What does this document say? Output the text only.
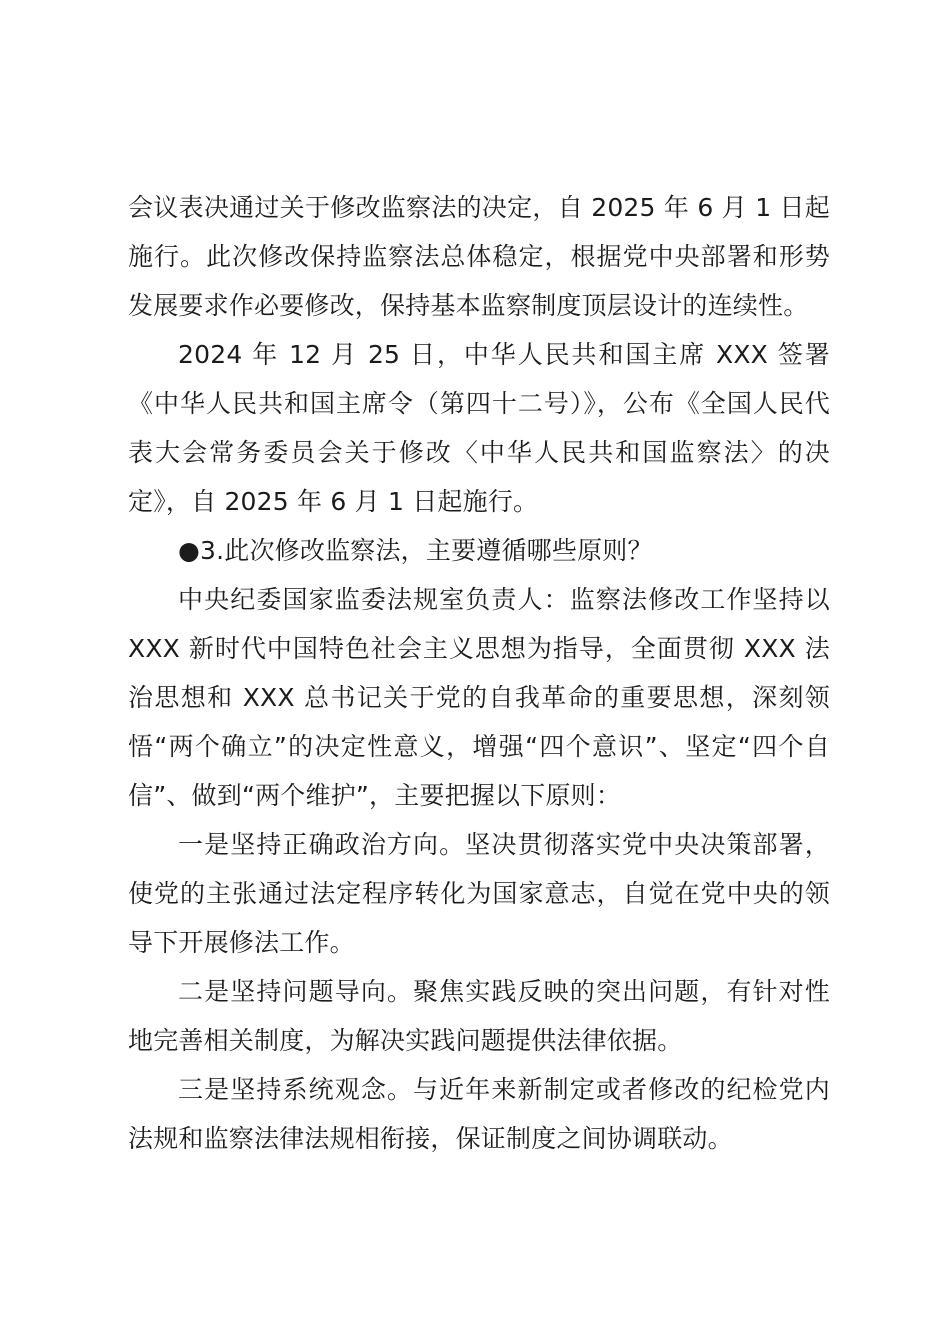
会议表决通过关于修改监察法的决定，自 2025 年 6 月 1 日起施行。此次修改保持监察法总体稳定，根据党中央部署和形势发展要求作必要修改，保持基本监察制度顶层设计的连续性。

2024 年 12 月 25 日，中华人民共和国主席 XXX 签署《中华人民共和国主席令（第四十二号）》，公布《全国人民代表大会常务委员会关于修改〈中华人民共和国监察法〉的决定》，自 2025 年 6 月 1 日起施行。

●3.此次修改监察法，主要遵循哪些原则？

中央纪委国家监委法规室负责人：监察法修改工作坚持以 XXX 新时代中国特色社会主义思想为指导，全面贯彻 XXX 法治思想和 XXX 总书记关于党的自我革命的重要思想，深刻领悟“两个确立”的决定性意义，增强“四个意识”、坚定“四个自信”、做到“两个维护”，主要把握以下原则：

一是坚持正确政治方向。坚决贯彻落实党中央决策部署，使党的主张通过法定程序转化为国家意志，自觉在党中央的领导下开展修法工作。

二是坚持问题导向。聚焦实践反映的突出问题，有针对性地完善相关制度，为解决实践问题提供法律依据。

三是坚持系统观念。与近年来新制定或者修改的纪检党内法规和监察法律法规相衔接，保证制度之间协调联动。
